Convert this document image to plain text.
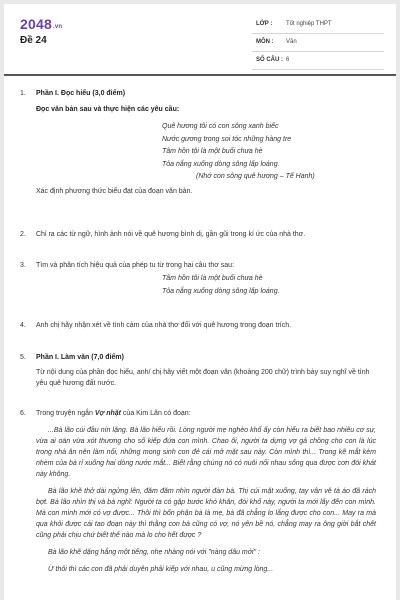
2048.vn
Đề 24
LỚP : Tốt nghiệp THPT
MÔN : Văn
SỐ CÂU : 6
1. Phần I. Đọc hiểu (3,0 điểm)
Đọc văn bản sau và thực hiện các yêu cầu:
Quê hương tôi có con sông xanh biếc
Nước gương trong soi tóc những hàng tre
Tâm hồn tôi là một buổi chưa hè
Tỏa nắng xuống dòng sông lấp loáng.
(Nhớ con sông quê hương – Tế Hanh)
Xác định phương thức biểu đạt của đoạn văn bản.
2. Chỉ ra các từ ngữ, hình ảnh nói về quê hương bình dị, gần gũi trong kí ức của nhà thơ.
3. Tìm và phân tích hiệu quả của phép tu từ trong hai câu thơ sau:
Tâm hồn tôi là một buổi chưa hè
Tỏa nắng xuống dòng sông lấp loáng.
4. Anh chị hãy nhận xét về tình cảm của nhà thơ đối với quê hương trong đoạn trích.
5. Phần I. Làm văn (7,0 điểm)
Từ nội dung của phần đọc hiểu, anh/ chị hãy viết một đoạn văn (khoảng 200 chữ) trình bày suy nghĩ về tình yêu quê hương đất nước.
6. Trong truyện ngắn Vợ nhặt của Kim Lân có đoạn:
...Bà lão cúi đầu nín lặng. Bà lão hiểu rồi. Lòng người mẹ nghèo khổ ấy còn hiểu ra biết bao nhiêu cơ sự, vừa ai oán vừa xót thương cho số kiếp đứa con mình. Chao ôi, người ta dựng vợ gả chồng cho con là lúc trong nhà ăn nên làm nổi, những mong sinh con đẻ cái mở mặt sau này. Còn mình thì... Trong kẽ mắt kèm nhèm của bà rỉ xuống hai dòng nước mắt... Biết rằng chúng nó có nuôi nổi nhau sống qua được cơn đói khát này không.
Bà lão khẽ thở dài ngửng lên, đăm đăm nhìn người đàn bà. Thị cúi mặt xuống, tay vân vê tà áo đã rách bợt. Bà lão nhìn thị và bà nghĩ: Người ta có gặp bước khó khăn, đói khổ này, người ta mới lấy đến con mình. Mà con mình mới có vợ được... Thôi thì bổn phận bà là mẹ, bà đã chẳng lo lắng được cho con... May ra mà qua khỏi được cái tao đoạn này thì thằng con bà cũng có vợ, nó yên bề nó, chẳng may ra ông giời bắt chết cũng phải chịu chứ biết thế nào mà lo cho hết được ?
Bà lão khẽ dặng hắng một tiếng, nhẹ nhàng nói với "nàng dâu mới" :
Ừ thôi thì các con đã phải duyên phải kiếp với nhau, u cũng mừng lòng...
